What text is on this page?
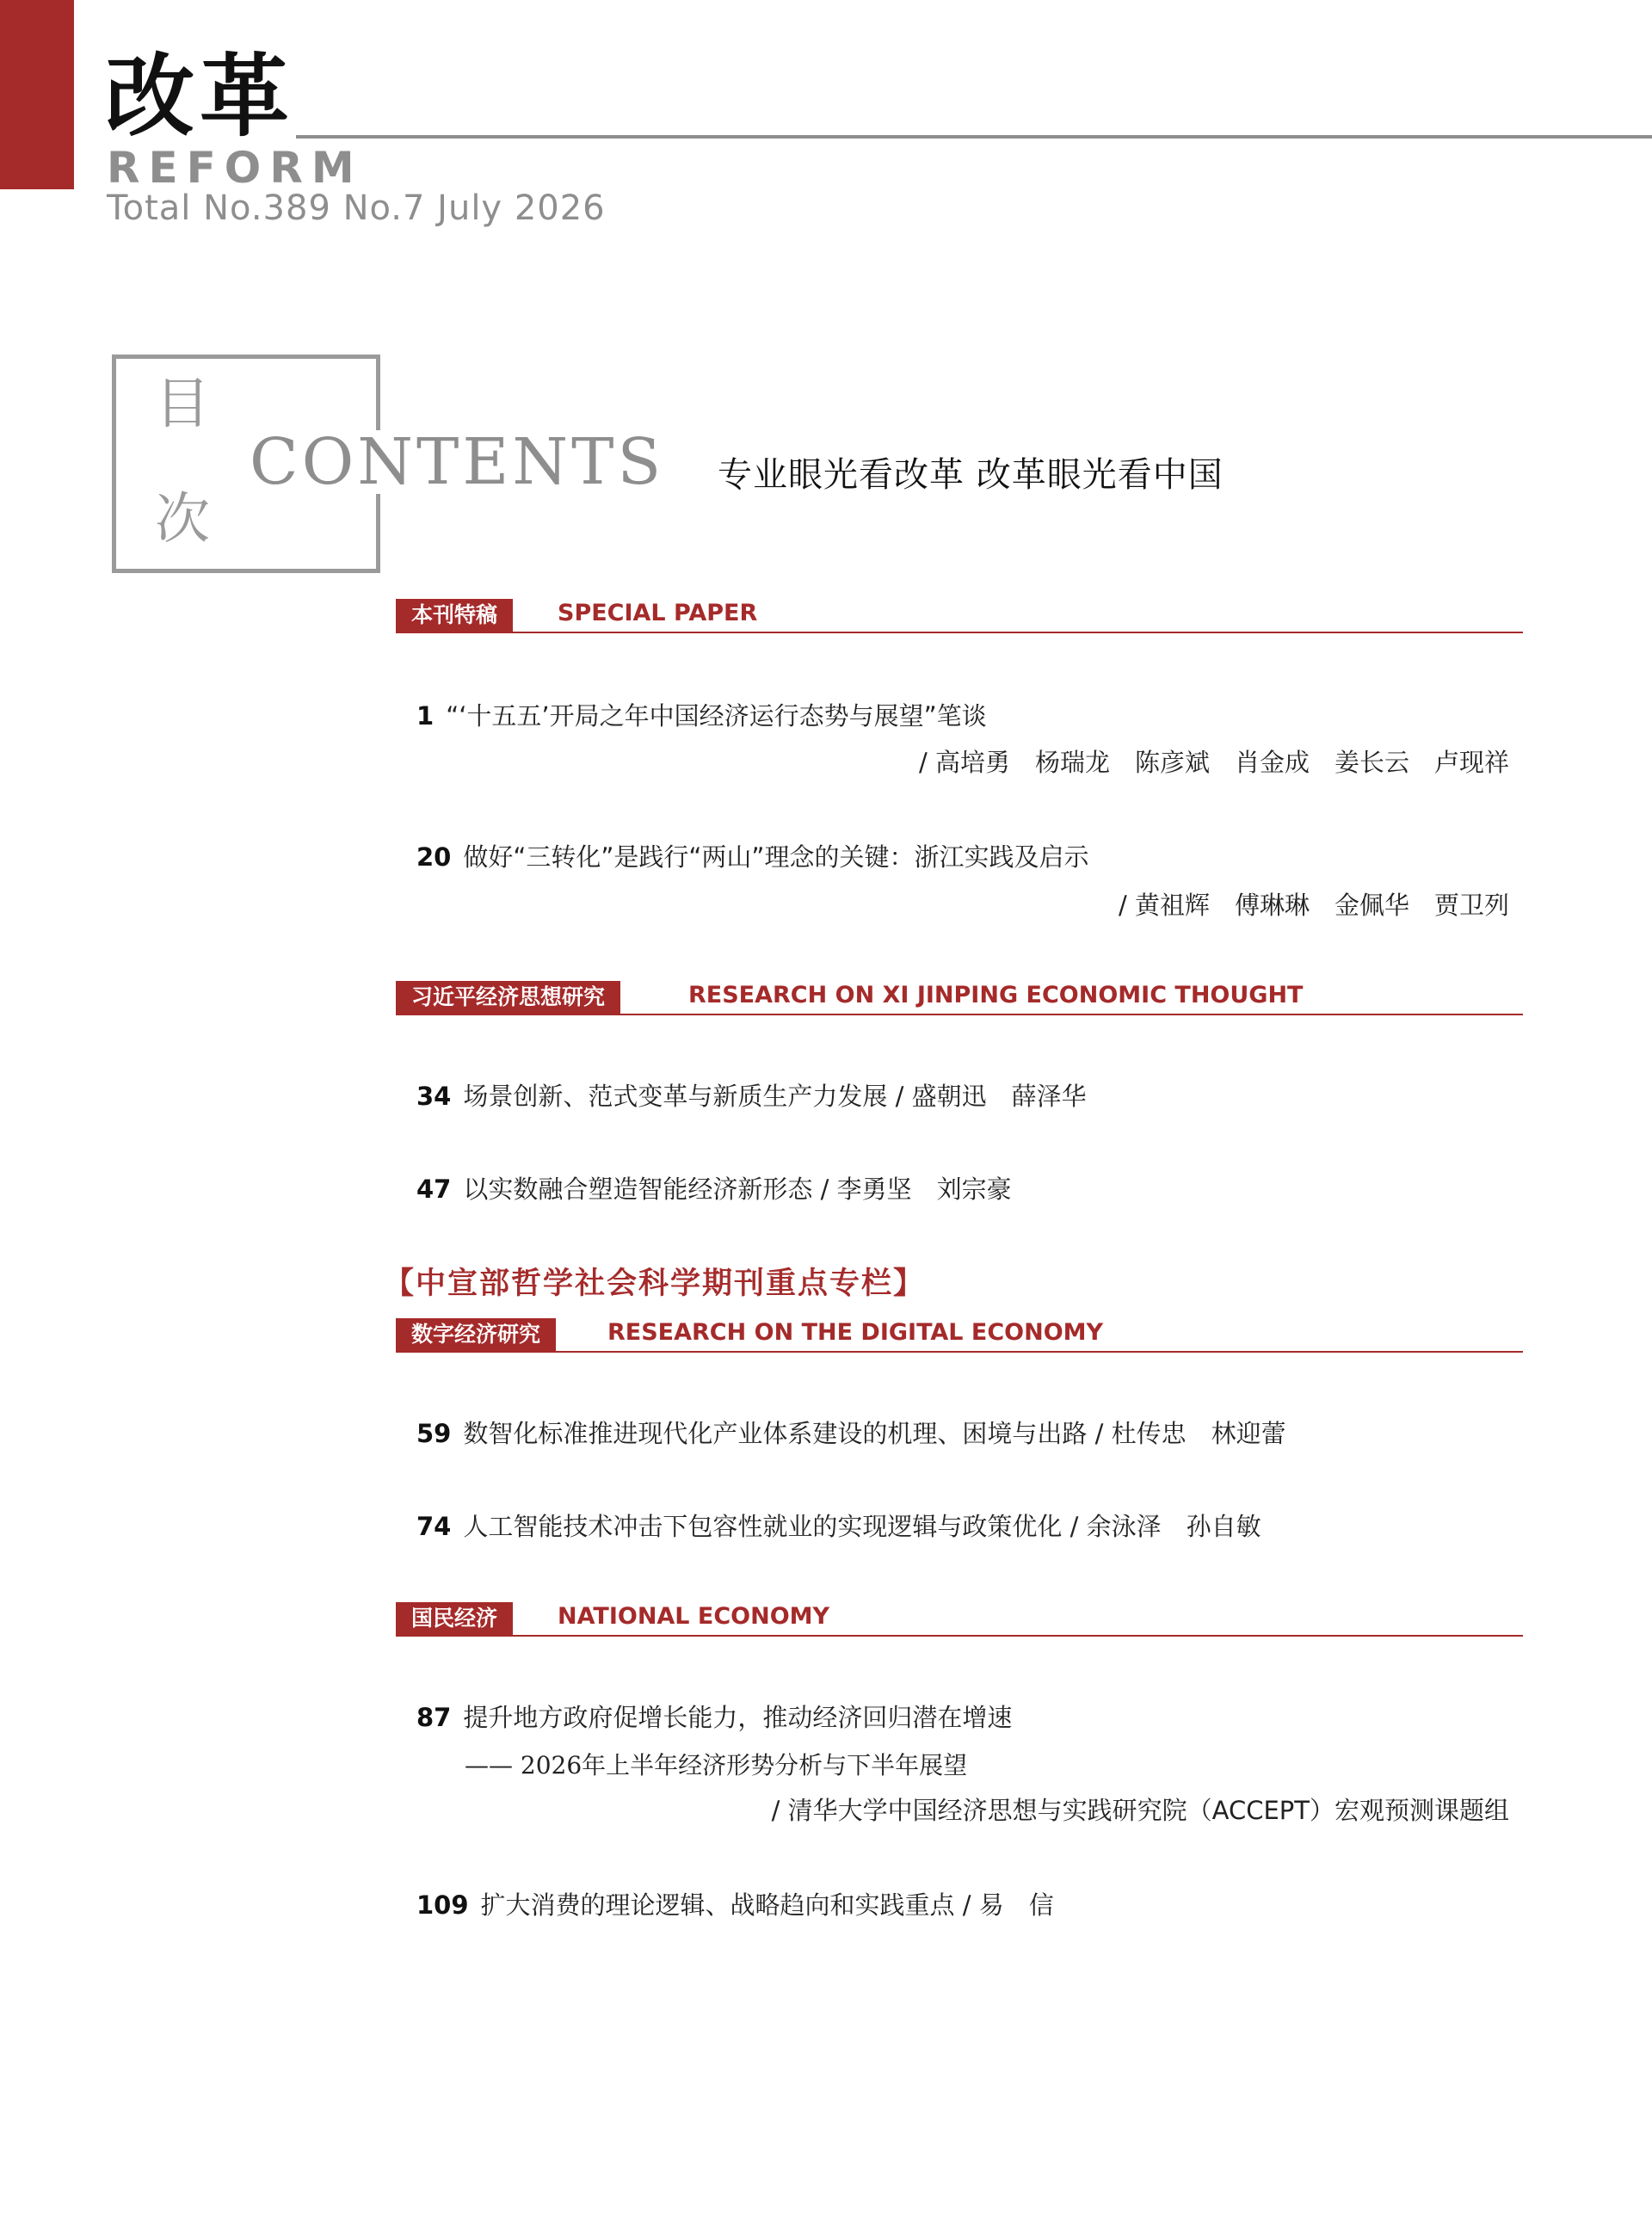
改革
REFORM
Total No.389 No.7 July 2026
目
次
CONTENTS 专业眼光看改革 改革眼光看中国
本刊特稿	SPECIAL PAPER
1 “‘十五五’开局之年中国经济运行态势与展望”笔谈
/ 高培勇　杨瑞龙　陈彦斌　肖金成　姜长云　卢现祥
20 做好“三转化”是践行“两山”理念的关键：浙江实践及启示
/ 黄祖辉　傅琳琳　金佩华　贾卫列
习近平经济思想研究	RESEARCH ON XI JINPING ECONOMIC THOUGHT
34 场景创新、范式变革与新质生产力发展 / 盛朝迅　薛泽华
47 以实数融合塑造智能经济新形态 / 李勇坚　刘宗豪
【中宣部哲学社会科学期刊重点专栏】
数字经济研究	RESEARCH ON THE DIGITAL ECONOMY
59 数智化标准推进现代化产业体系建设的机理、困境与出路 / 杜传忠　林迎蕾
74 人工智能技术冲击下包容性就业的实现逻辑与政策优化 / 余泳泽　孙自敏
国民经济	NATIONAL ECONOMY
87 提升地方政府促增长能力，推动经济回归潜在增速
—— 2026年上半年经济形势分析与下半年展望
/ 清华大学中国经济思想与实践研究院（ACCEPT）宏观预测课题组
109 扩大消费的理论逻辑、战略趋向和实践重点 / 易　信
